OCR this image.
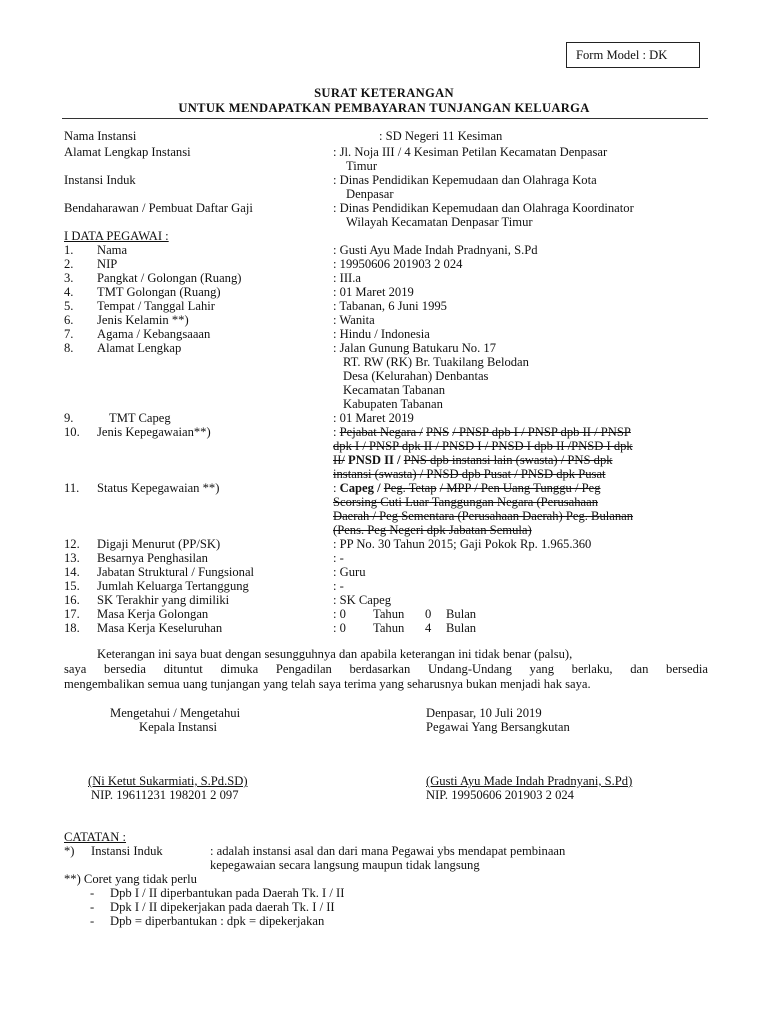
Form Model : DK
SURAT KETERANGAN
UNTUK MENDAPATKAN PEMBAYARAN TUNJANGAN KELUARGA
Nama Instansi	: SD Negeri 11 Kesiman
Alamat Lengkap Instansi	: Jl. Noja III / 4 Kesiman Petilan Kecamatan Denpasar
Timur
Instansi Induk	: Dinas Pendidikan Kepemudaan dan Olahraga Kota
Denpasar
Bendaharawan / Pembuat Daftar Gaji	: Dinas Pendidikan Kepemudaan dan Olahraga Koordinator
Wilayah Kecamatan Denpasar Timur
I DATA PEGAWAI :
1. Nama	: Gusti Ayu Made Indah Pradnyani, S.Pd
2. NIP	: 19950606 201903 2 024
3. Pangkat / Golongan (Ruang)	: III.a
4. TMT Golongan (Ruang)	: 01 Maret 2019
5. Tempat / Tanggal Lahir	: Tabanan, 6 Juni 1995
6. Jenis Kelamin **)	: Wanita
7. Agama / Kebangsaaan	: Hindu / Indonesia
8. Alamat Lengkap	: Jalan Gunung Batukaru No. 17
RT. RW (RK) Br. Tuakilang Belodan
Desa (Kelurahan) Denbantas
Kecamatan Tabanan
Kabupaten Tabanan
9.	TMT Capeg	: 01 Maret 2019
10. Jenis Kepegawaian**)	: Pejabat Negara / PNS / PNSP dpb I / PNSP dpb II / PNSP
dpk I / PNSP dpk II / PNSD I / PNSD I dpb II /PNSD I dpk
II/ PNSD II / PNS dpb instansi lain (swasta) / PNS dpk
instansi (swasta) / PNSD dpb Pusat / PNSD dpk Pusat
11. Status Kepegawaian **)	: Capeg / Peg. Tetap / MPP / Pen Uang Tunggu / Peg
Scorsing Cuti Luar Tanggungan Negara (Perusahaan
Daerah / Peg Sementara (Perusahaan Daerah) Peg. Bulanan
(Pens. Peg Negeri dpk Jabatan Semula)
12. Digaji Menurut (PP/SK)	: PP No. 30 Tahun 2015; Gaji Pokok Rp. 1.965.360
13. Besarnya Penghasilan	: -
14. Jabatan Struktural / Fungsional	: Guru
15. Jumlah Keluarga Tertanggung	: -
16. SK Terakhir yang dimiliki	: SK Capeg
17. Masa Kerja Golongan	: 0 Tahun 0 Bulan
18. Masa Kerja Keseluruhan	: 0 Tahun 4 Bulan
Keterangan ini saya buat dengan sesungguhnya dan apabila keterangan ini tidak benar (palsu),
saya bersedia dituntut dimuka Pengadilan berdasarkan Undang-Undang yang berlaku, dan bersedia
mengembalikan semua uang tunjangan yang telah saya terima yang seharusnya bukan menjadi hak saya.
Mengetahui / Mengetahui
Kepala Instansi
Denpasar, 10 Juli 2019
Pegawai Yang Bersangkutan
(Ni Ketut Sukarmiati, S.Pd.SD)
NIP. 19611231 198201 2 097
(Gusti Ayu Made Indah Pradnyani, S.Pd)
NIP. 19950606 201903 2 024
CATATAN :
*) Instansi Induk	: adalah instansi asal dan dari mana Pegawai ybs mendapat pembinaan
kepegawaian secara langsung maupun tidak langsung
**) Coret yang tidak perlu
- Dpb I / II diperbantukan pada Daerah Tk. I / II
- Dpk I / II dipekerjakan pada daerah Tk. I / II
- Dpb = diperbantukan : dpk = dipekerjakan
